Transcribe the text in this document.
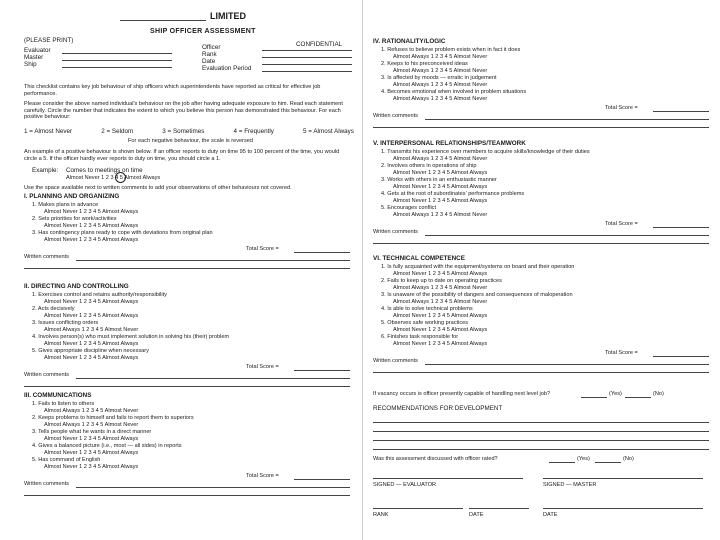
LIMITED
SHIP OFFICER ASSESSMENT
(PLEASE PRINT)
CONFIDENTIAL
Evaluator
Master
Ship
Officer
Rank
Date
Evaluation Period
This checklist contains key job behaviour of ship officers which superintendents have reported as critical for effective job performance.
Please consider the above named individual's behaviour on the job after having adequate exposure to him. Read each statement carefully. Circle the number that indicates the extent to which you believe this person has demonstrated this behaviour. For each positive behaviour:
1 = Almost Never	2 = Seldom	3 = Sometimes	4 = Frequently	5 = Almost Always
For each negative behaviour, the scale is reversed
An example of a positive behaviour is shown below. If an officer reports to duty on time 95 to 100 percent of the time, you would circle a 5. If the officer hardly ever reports to duty on time, you should circle a 1.
Example: Comes to meetings on time
Almost Never 1 2 3 4 5 Almost Always
Use the space available next to written comments to add your observations of other behaviours not covered.
I. PLANNING AND ORGANIZING
1. Makes plans in advance
Almost Never 1 2 3 4 5 Almost Always
2. Sets priorities for work/activities
Almost Never 1 2 3 4 5 Almost Always
3. Has contingency plans ready to cope with deviations from original plan
Almost Never 1 2 3 4 5 Almost Always
Total Score =
Written comments
II. DIRECTING AND CONTROLLING
1. Exercises control and retains authority/responsibility
Almost Never 1 2 3 4 5 Almost Always
2. Acts decisively
Almost Never 1 2 3 4 5 Almost Always
3. Issues conflicting orders
Almost Always 1 2 3 4 5 Almost Never
4. Involves person(s) who must implement solution in solving his (their) problem
Almost Never 1 2 3 4 5 Almost Always
5. Gives appropriate discipline when necessary
Almost Never 1 2 3 4 5 Almost Always
Total Score =
Written comments
III. COMMUNICATIONS
1. Fails to listen to others
Almost Always 1 2 3 4 5 Almost Never
2. Keeps problems to himself and fails to report them to superiors
Almost Always 1 2 3 4 5 Almost Never
3. Tells people what he wants in a direct manner
Almost Never 1 2 3 4 5 Almost Always
4. Gives a balanced picture (i.e., most — all sides) in reports
Almost Never 1 2 3 4 5 Almost Always
5. Has command of English
Almost Never 1 2 3 4 5 Almost Always
Total Score =
Written comments
IV. RATIONALITY/LOGIC
1. Refuses to believe problem exists when in fact it does
Almost Always 1 2 3 4 5 Almost Never
2. Keeps to his preconceived ideas
Almost Always 1 2 3 4 5 Almost Never
3. Is affected by moods — erratic in judgement
Almost Always 1 2 3 4 5 Almost Never
4. Becomes emotional when involved in problem situations
Almost Always 1 2 3 4 5 Almost Never
Total Score =
Written comments
V. INTERPERSONAL RELATIONSHIPS/TEAMWORK
1. Transmits his experience over members to acquire skills/knowledge of their duties
Almost Always 1 2 3 4 5 Almost Never
2. Involves others in operations of ship
Almost Never 1 2 3 4 5 Almost Always
3. Works with others in an enthusiastic manner
Almost Never 1 2 3 4 5 Almost Always
4. Gets at the root of subordinates' performance problems
Almost Never 1 2 3 4 5 Almost Always
5. Encourages conflict
Almost Always 1 2 3 4 5 Almost Never
Total Score =
Written comments
VI. TECHNICAL COMPETENCE
1. Is fully acquainted with the equipment/systems on board and their operation
Almost Never 1 2 3 4 5 Almost Always
2. Fails to keep up to date on operating practices
Almost Always 1 2 3 4 5 Almost Never
3. Is unaware of the possibility of dangers and consequences of maloperation
Almost Always 1 2 3 4 5 Almost Never
4. Is able to solve technical problems
Almost Never 1 2 3 4 5 Almost Always
5. Observes safe working practices
Almost Never 1 2 3 4 5 Almost Always
6. Finishes task responsible for
Almost Never 1 2 3 4 5 Almost Always
Total Score =
Written comments
If vacancy occurs is officer presently capable of handling next level job?	(Yes)	(No)
RECOMMENDATIONS FOR DEVELOPMENT
Was this assessment discussed with officer rated?	(Yes)	(No)
SIGNED — EVALUATOR	SIGNED — MASTER
RANK	DATE	DATE
